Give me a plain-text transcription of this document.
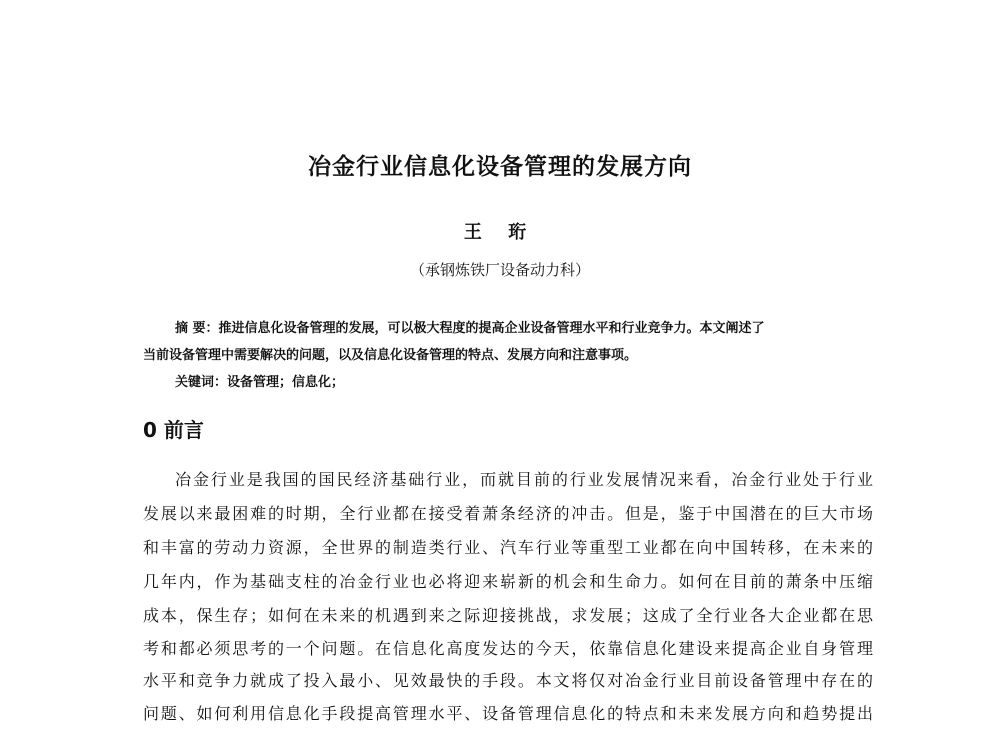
冶金行业信息化设备管理的发展方向
王 珩
（承钢炼铁厂设备动力科）
摘 要：推进信息化设备管理的发展，可以极大程度的提高企业设备管理水平和行业竞争力。本文阐述了
当前设备管理中需要解决的问题，以及信息化设备管理的特点、发展方向和注意事项。
关键词：设备管理；信息化；
0 前言
冶金行业是我国的国民经济基础行业，而就目前的行业发展情况来看，冶金行业处于行业
发展以来最困难的时期，全行业都在接受着萧条经济的冲击。但是，鉴于中国潜在的巨大市场
和丰富的劳动力资源，全世界的制造类行业、汽车行业等重型工业都在向中国转移，在未来的
几年内，作为基础支柱的冶金行业也必将迎来崭新的机会和生命力。如何在目前的萧条中压缩
成本，保生存；如何在未来的机遇到来之际迎接挑战，求发展；这成了全行业各大企业都在思
考和都必须思考的一个问题。在信息化高度发达的今天，依靠信息化建设来提高企业自身管理
水平和竞争力就成了投入最小、见效最快的手段。本文将仅对冶金行业目前设备管理中存在的
问题、如何利用信息化手段提高管理水平、设备管理信息化的特点和未来发展方向和趋势提出
